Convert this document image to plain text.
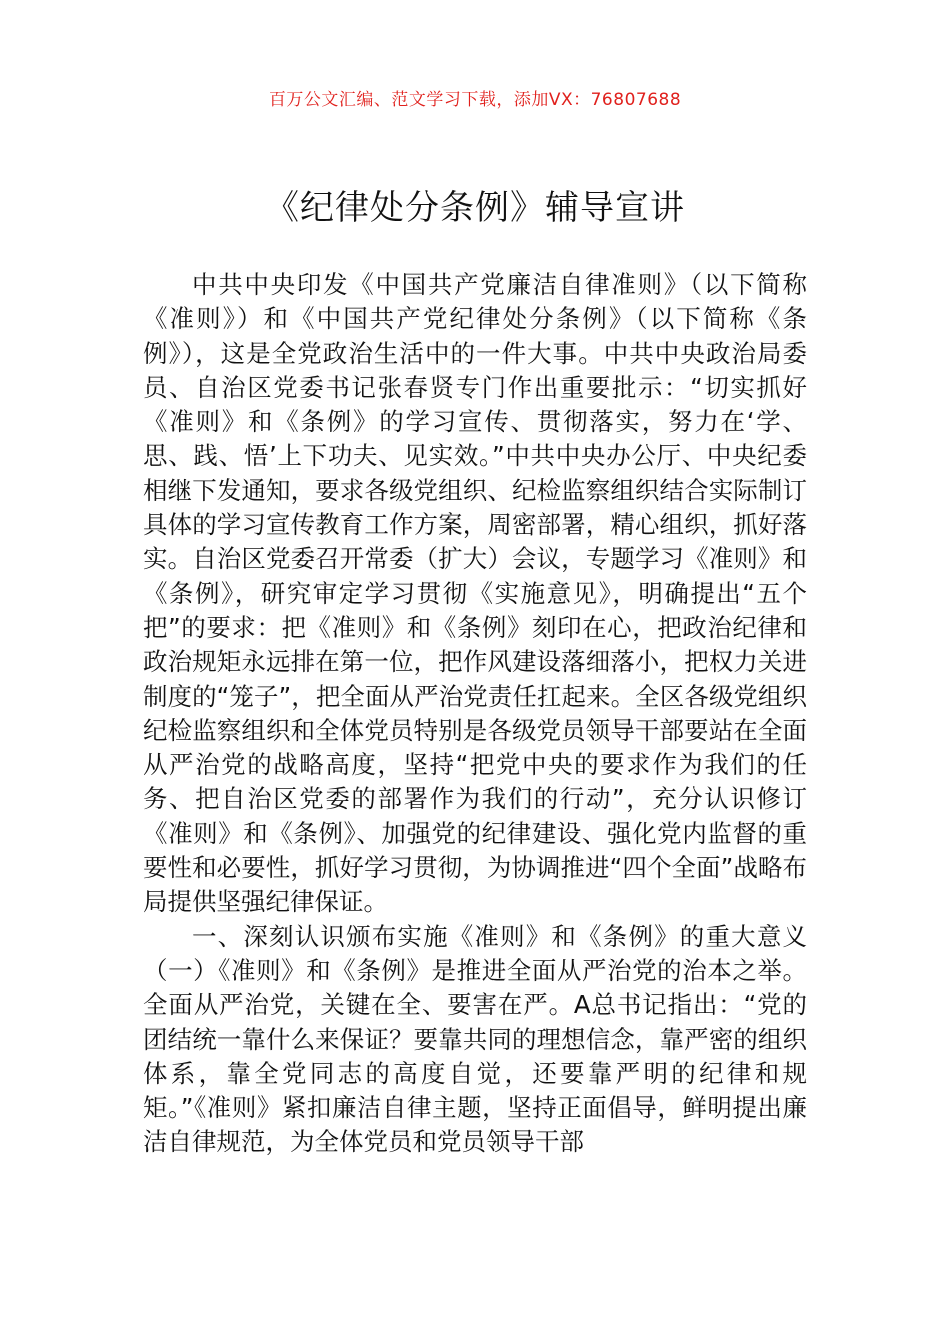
百万公文汇编、范文学习下载，添加VX：76807688
《纪律处分条例》辅导宣讲

中共中央印发《中国共产党廉洁自律准则》（以下简称《准则》）和《中国共产党纪律处分条例》（以下简称《条例》），这是全党政治生活中的一件大事。中共中央政治局委员、自治区党委书记张春贤专门作出重要批示：“切实抓好《准则》和《条例》的学习宣传、贯彻落实，努力在‘学、思、践、悟’上下功夫、见实效。”中共中央办公厅、中央纪委相继下发通知，要求各级党组织、纪检监察组织结合实际制订具体的学习宣传教育工作方案，周密部署，精心组织，抓好落实。自治区党委召开常委（扩大）会议，专题学习《准则》和《条例》，研究审定学习贯彻《实施意见》，明确提出“五个把”的要求：把《准则》和《条例》刻印在心，把政治纪律和政治规矩永远排在第一位，把作风建设落细落小，把权力关进制度的“笼子”，把全面从严治党责任扛起来。全区各级党组织纪检监察组织和全体党员特别是各级党员领导干部要站在全面从严治党的战略高度，坚持“把党中央的要求作为我们的任务、把自治区党委的部署作为我们的行动”，充分认识修订《准则》和《条例》、加强党的纪律建设、强化党内监督的重要性和必要性，抓好学习贯彻，为协调推进“四个全面”战略布局提供坚强纪律保证。

一、深刻认识颁布实施《准则》和《条例》的重大意义（一）《准则》和《条例》是推进全面从严治党的治本之举。全面从严治党，关键在全、要害在严。A总书记指出：“党的团结统一靠什么来保证？要靠共同的理想信念，靠严密的组织体系，靠全党同志的高度自觉，还要靠严明的纪律和规矩。”《准则》紧扣廉洁自律主题，坚持正面倡导，鲜明提出廉洁自律规范，为全体党员和党员领导干部
